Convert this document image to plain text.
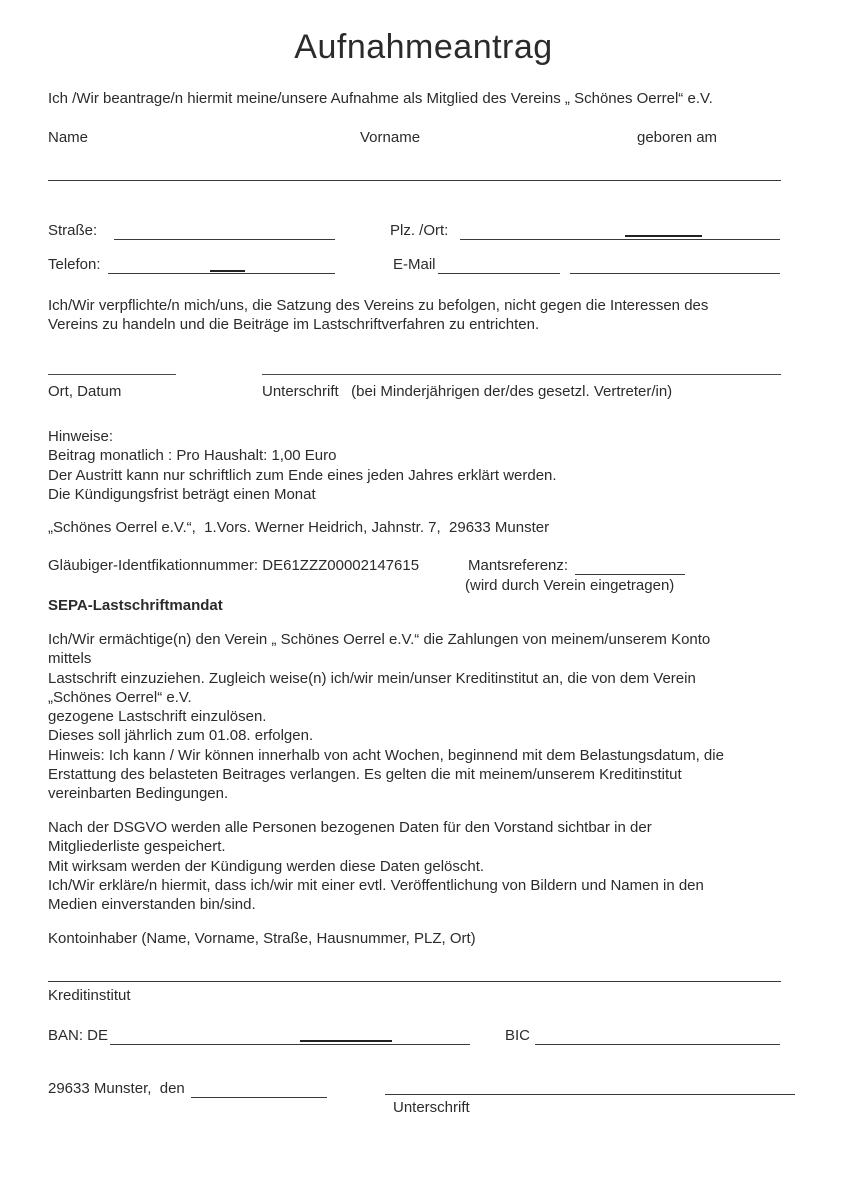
Aufnahmeantrag
Ich /Wir beantrage/n hiermit meine/unsere Aufnahme als Mitglied des Vereins „ Schönes Oerrel“ e.V.
Name	Vorname	geboren am
Straße:	Plz. /Ort:
Telefon:	E-Mail
Ich/Wir verpflichte/n mich/uns, die Satzung des Vereins zu befolgen, nicht gegen die Interessen des
Vereins zu handeln und die Beiträge im Lastschriftverfahren zu entrichten.
Ort, Datum	Unterschrift   (bei Minderjährigen der/des gesetzl. Vertreter/in)
Hinweise:
Beitrag monatlich : Pro Haushalt: 1,00 Euro
Der Austritt kann nur schriftlich zum Ende eines jeden Jahres erklärt werden.
Die Kündigungsfrist beträgt einen Monat
„Schönes Oerrel e.V.“,  1.Vors. Werner Heidrich, Jahnstr. 7,  29633 Munster
Gläubiger-Identfikationnummer: DE61ZZZ00002147615	Mantsreferenz:
(wird durch Verein eingetragen)
SEPA-Lastschriftmandat
Ich/Wir ermächtige(n) den Verein „ Schönes Oerrel e.V.“ die Zahlungen von meinem/unserem Konto
mittels
Lastschrift einzuziehen. Zugleich weise(n) ich/wir mein/unser Kreditinstitut an, die von dem Verein
„Schönes Oerrel“ e.V.
gezogene Lastschrift einzulösen.
Dieses soll jährlich zum 01.08. erfolgen.
Hinweis: Ich kann / Wir können innerhalb von acht Wochen, beginnend mit dem Belastungsdatum, die
Erstattung des belasteten Beitrages verlangen. Es gelten die mit meinem/unserem Kreditinstitut
vereinbarten Bedingungen.
Nach der DSGVO werden alle Personen bezogenen Daten für den Vorstand sichtbar in der
Mitgliederliste gespeichert.
Mit wirksam werden der Kündigung werden diese Daten gelöscht.
Ich/Wir erkläre/n hiermit, dass ich/wir mit einer evtl. Veröffentlichung von Bildern und Namen in den
Medien einverstanden bin/sind.
Kontoinhaber (Name, Vorname, Straße, Hausnummer, PLZ, Ort)
Kreditinstitut
BAN: DE	BIC
29633 Munster,  den
Unterschrift
